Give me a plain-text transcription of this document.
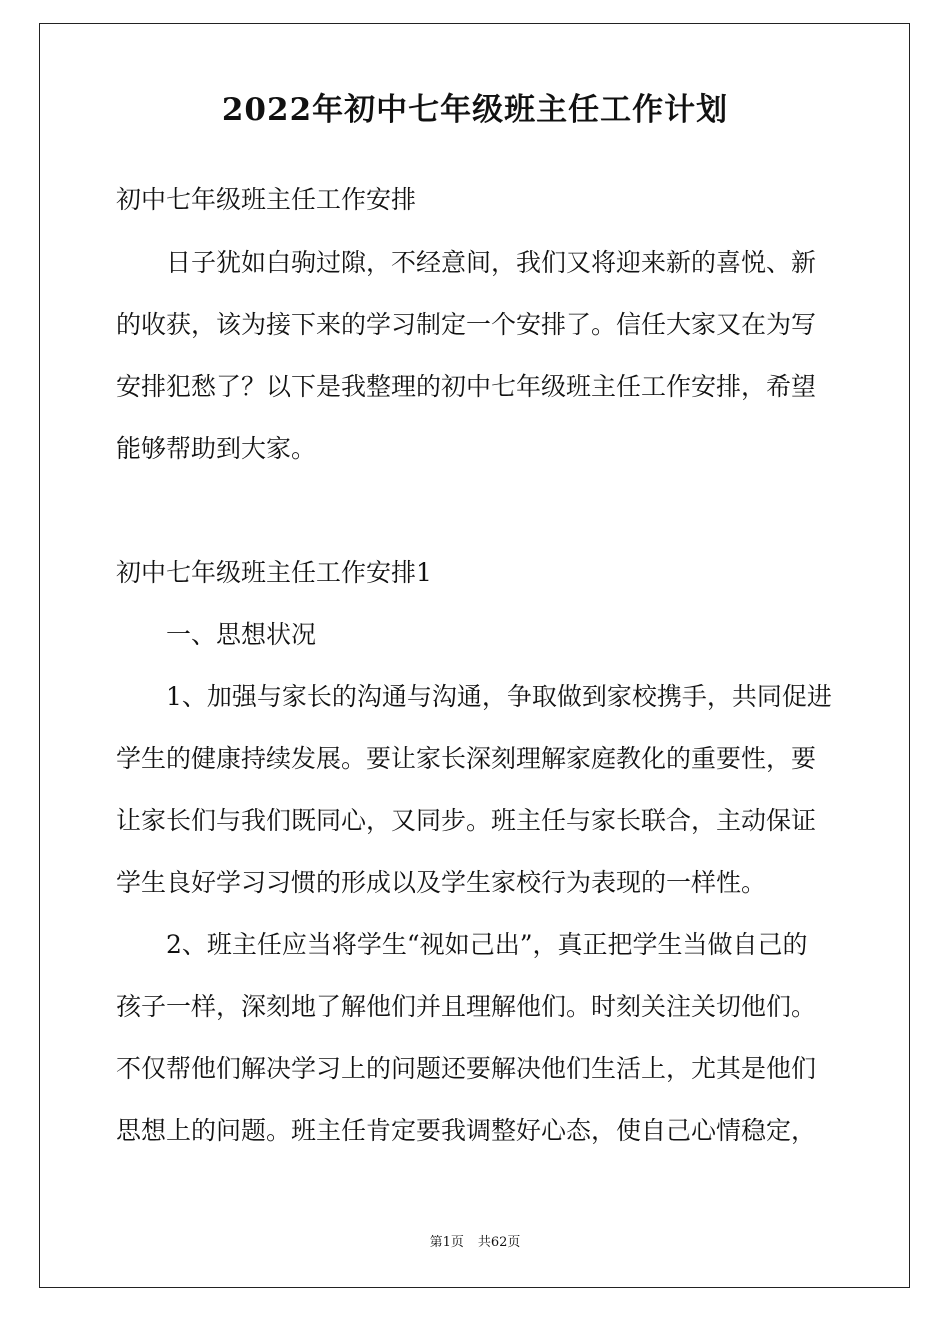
2022年初中七年级班主任工作计划
初中七年级班主任工作安排
日子犹如白驹过隙，不经意间，我们又将迎来新的喜悦、新
的收获，该为接下来的学习制定一个安排了。信任大家又在为写
安排犯愁了？以下是我整理的初中七年级班主任工作安排，希望
能够帮助到大家。
初中七年级班主任工作安排1
一、思想状况
1、加强与家长的沟通与沟通，争取做到家校携手，共同促进
学生的健康持续发展。要让家长深刻理解家庭教化的重要性，要
让家长们与我们既同心，又同步。班主任与家长联合，主动保证
学生良好学习习惯的形成以及学生家校行为表现的一样性。
2、班主任应当将学生“视如己出”，真正把学生当做自己的
孩子一样，深刻地了解他们并且理解他们。时刻关注关切他们。
不仅帮他们解决学习上的问题还要解决他们生活上，尤其是他们
思想上的问题。班主任肯定要我调整好心态，使自己心情稳定，
第1页 共62页
